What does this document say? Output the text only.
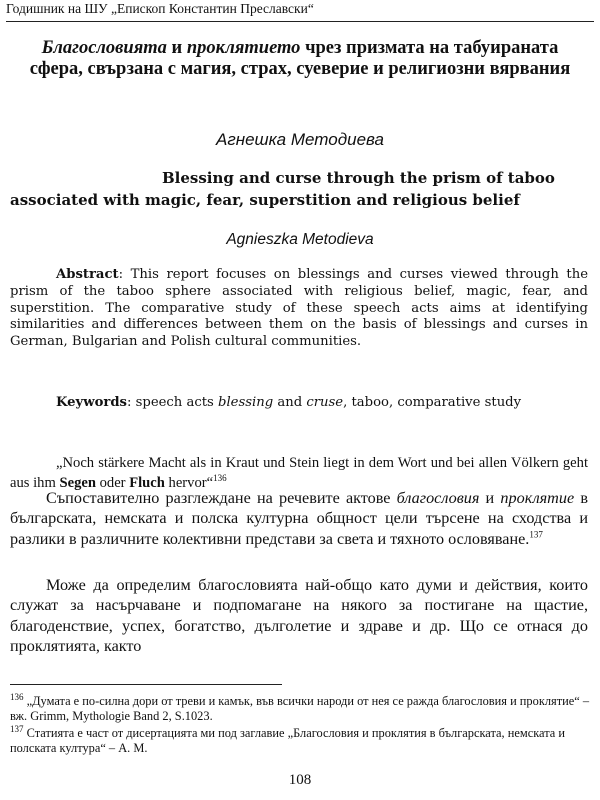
Годишник на ШУ „Епископ Константин Преславски“
Благословията и проклятието чрез призмата на табуираната сфера, свързана с магия, страх, суеверие и религиозни вярвания
Агнешка Методиева
Blessing and curse through the prism of taboo
associated with magic, fear, superstition and religious belief
Agnieszka Metodieva

Abstract: This report focuses on blessings and curses viewed through the prism of the taboo sphere associated with religious belief, magic, fear, and superstition. The comparative study of these speech acts aims at identifying similarities and differences between them on the basis of blessings and curses in German, Bulgarian and Polish cultural communities.

Keywords: speech acts blessing and cruse, taboo, comparative study

„Noch stärkere Macht als in Kraut und Stein liegt in dem Wort und bei allen Völkern geht aus ihm Segen oder Fluch hervor“$^{136}$

Съпоставително разглеждане на речевите актове благословия и проклятие в българската, немската и полска културна общност цели търсене на сходства и разлики в различните колективни представи за света и тяхното ословяване.$^{137}$

Може да определим благословията най-общо като думи и действия, които служат за насърчаване и подпомагане на някого за постигане на щастие, благоденствие, успех, богатство, дълголетие и здраве и др. Що се отнася до проклятията, както

$^{136}$ „Думата е по-силна дори от треви и камък, във всички народи от нея се ражда благословия и проклятие“ – вж. Grimm, Mythologie Band 2, S.1023.

$^{137}$ Статията е част от дисертацията ми под заглавие „Благословия и проклятия в българската, немската и полската култура“ – А. М.

108
